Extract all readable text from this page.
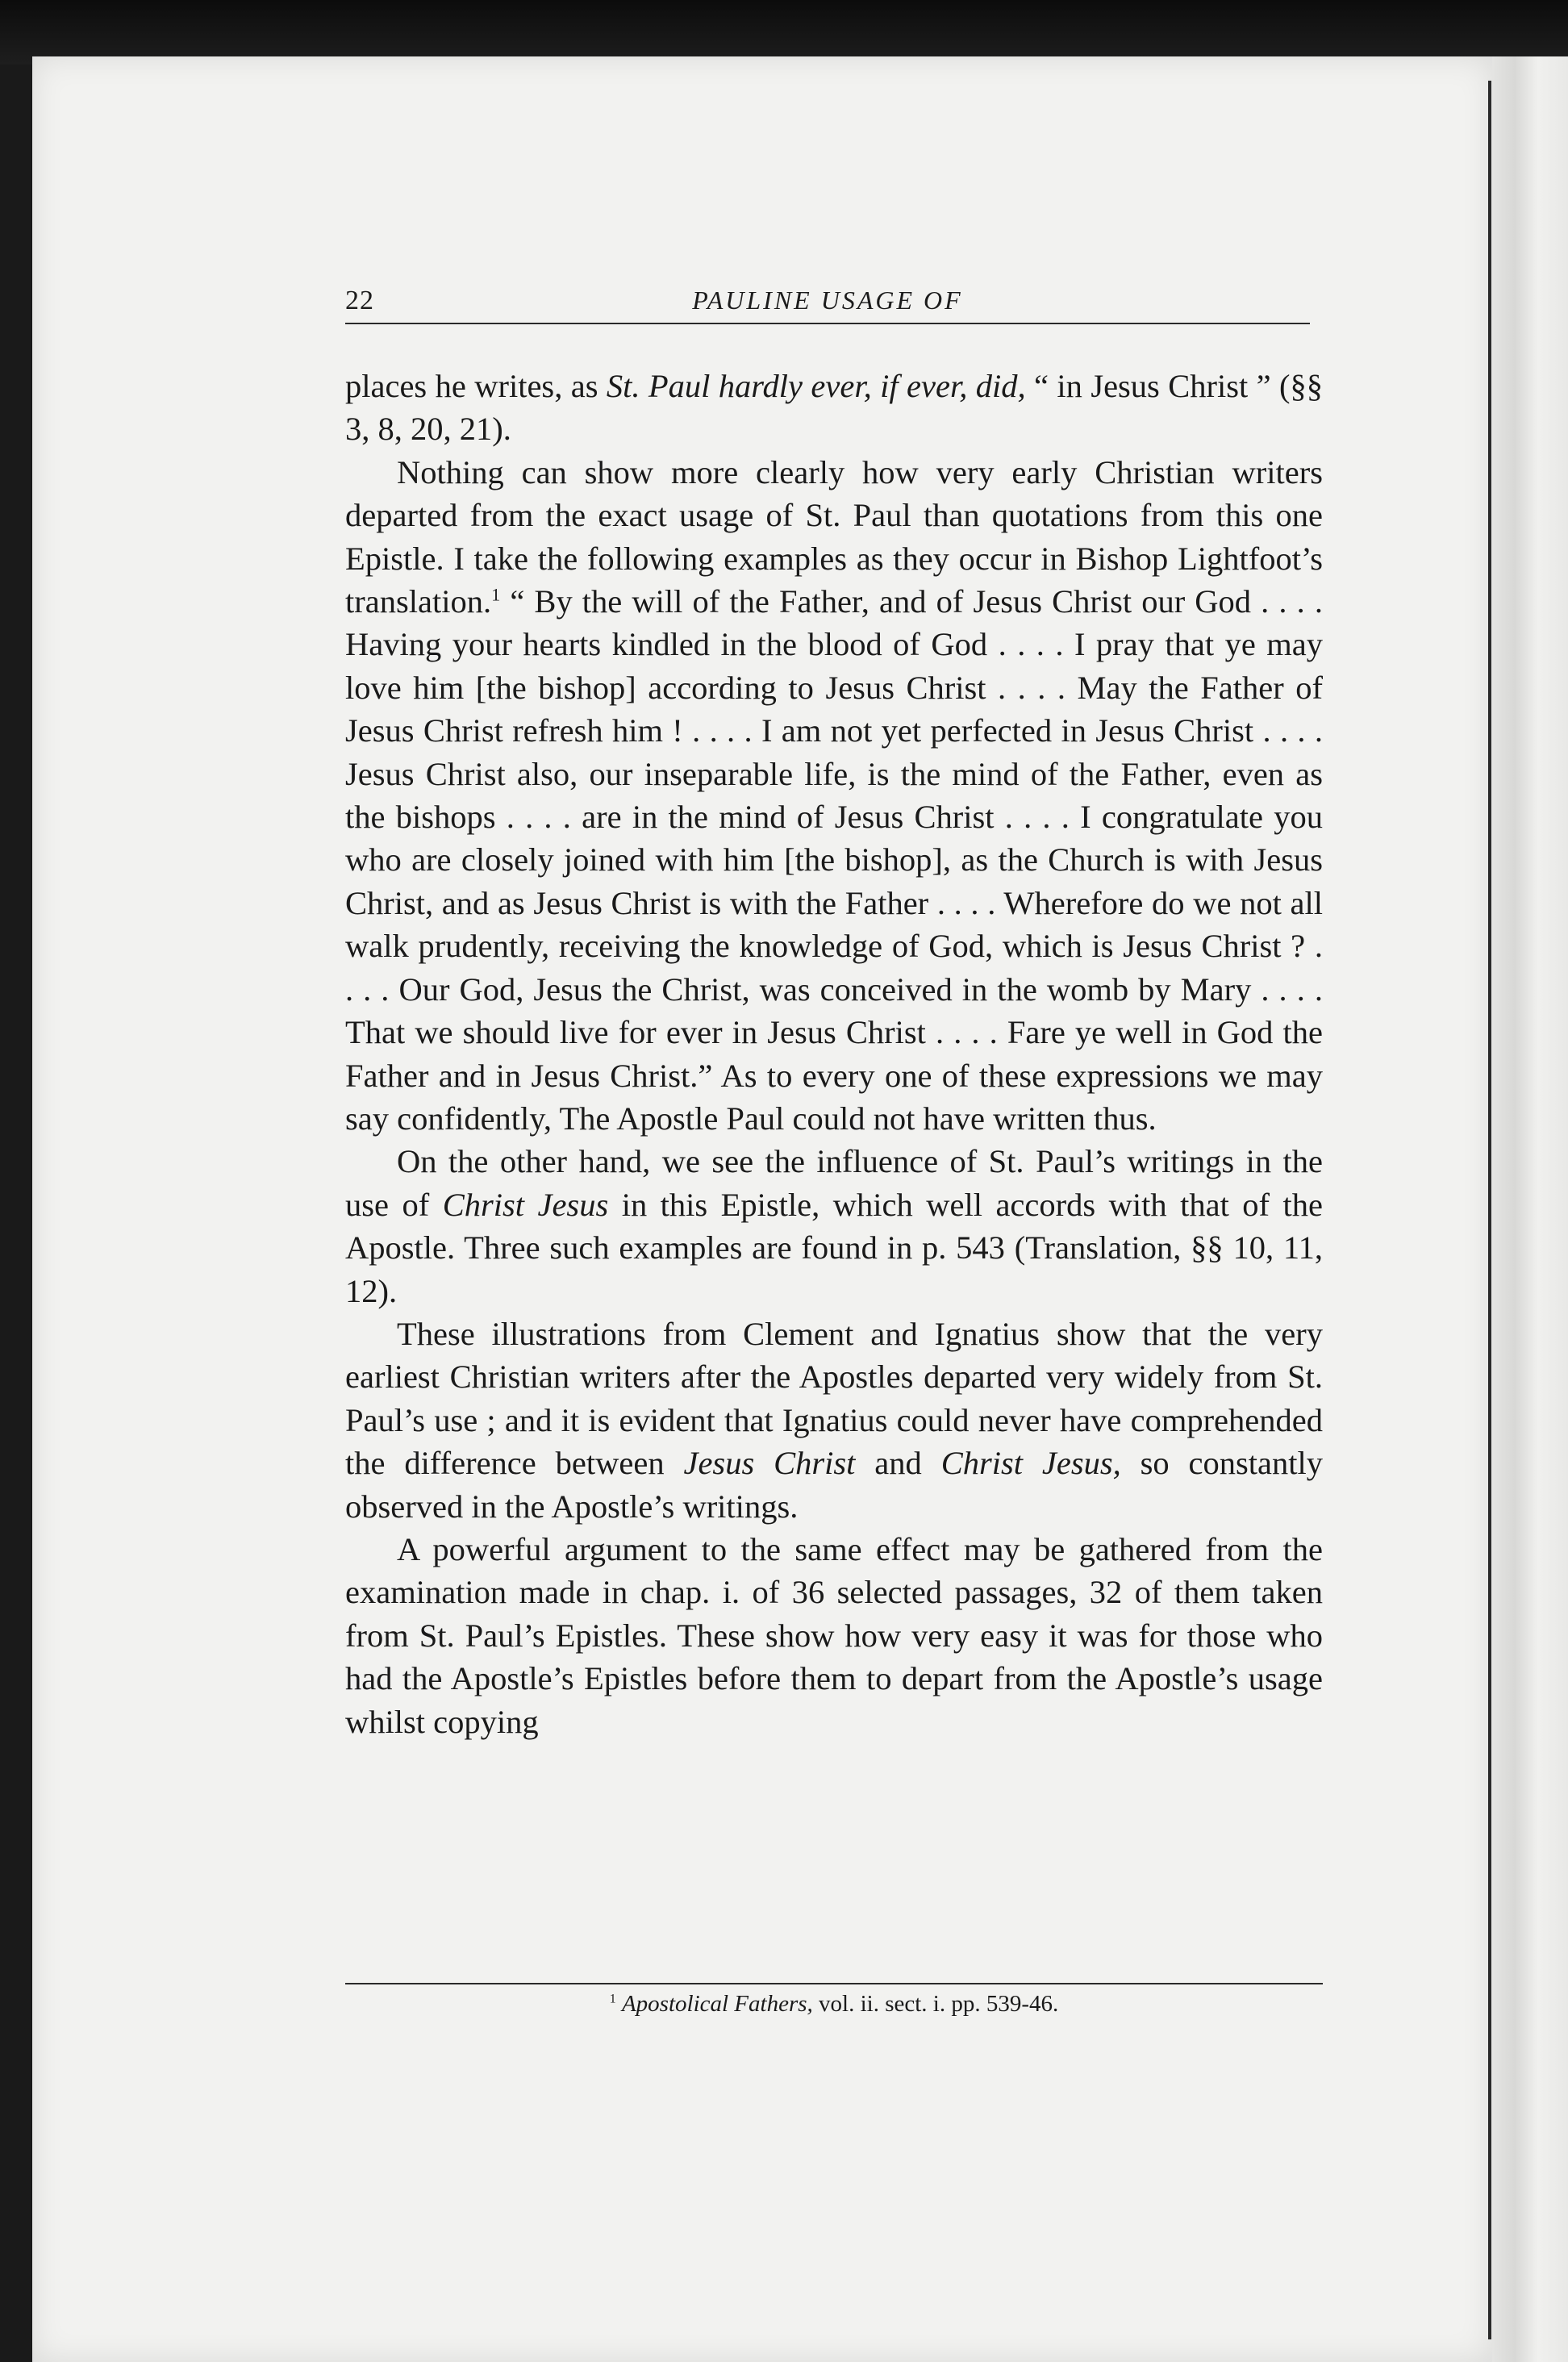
22	PAULINE USAGE OF

places he writes, as St. Paul hardly ever, if ever, did, “ in Jesus Christ ” (§§ 3, 8, 20, 21).

Nothing can show more clearly how very early Christian writers departed from the exact usage of St. Paul than quotations from this one Epistle. I take the following examples as they occur in Bishop Lightfoot’s translation.$^1$ “ By the will of the Father, and of Jesus Christ our God . . . . Having your hearts kindled in the blood of God . . . . I pray that ye may love him [the bishop] according to Jesus Christ . . . . May the Father of Jesus Christ refresh him ! . . . . I am not yet perfected in Jesus Christ . . . . Jesus Christ also, our inseparable life, is the mind of the Father, even as the bishops . . . . are in the mind of Jesus Christ . . . . I congratulate you who are closely joined with him [the bishop], as the Church is with Jesus Christ, and as Jesus Christ is with the Father . . . . Wherefore do we not all walk prudently, receiving the knowledge of God, which is Jesus Christ ? . . . . Our God, Jesus the Christ, was conceived in the womb by Mary . . . . That we should live for ever in Jesus Christ . . . . Fare ye well in God the Father and in Jesus Christ.” As to every one of these expressions we may say confidently, The Apostle Paul could not have written thus.

On the other hand, we see the influence of St. Paul’s writings in the use of Christ Jesus in this Epistle, which well accords with that of the Apostle. Three such examples are found in p. 543 (Translation, §§ 10, 11, 12).

These illustrations from Clement and Ignatius show that the very earliest Christian writers after the Apostles departed very widely from St. Paul’s use ; and it is evident that Ignatius could never have comprehended the difference between Jesus Christ and Christ Jesus, so constantly observed in the Apostle’s writings.

A powerful argument to the same effect may be gathered from the examination made in chap. i. of 36 selected passages, 32 of them taken from St. Paul’s Epistles. These show how very easy it was for those who had the Apostle’s Epistles before them to depart from the Apostle’s usage whilst copying

$^1$ Apostolical Fathers, vol. ii. sect. i. pp. 539-46.
